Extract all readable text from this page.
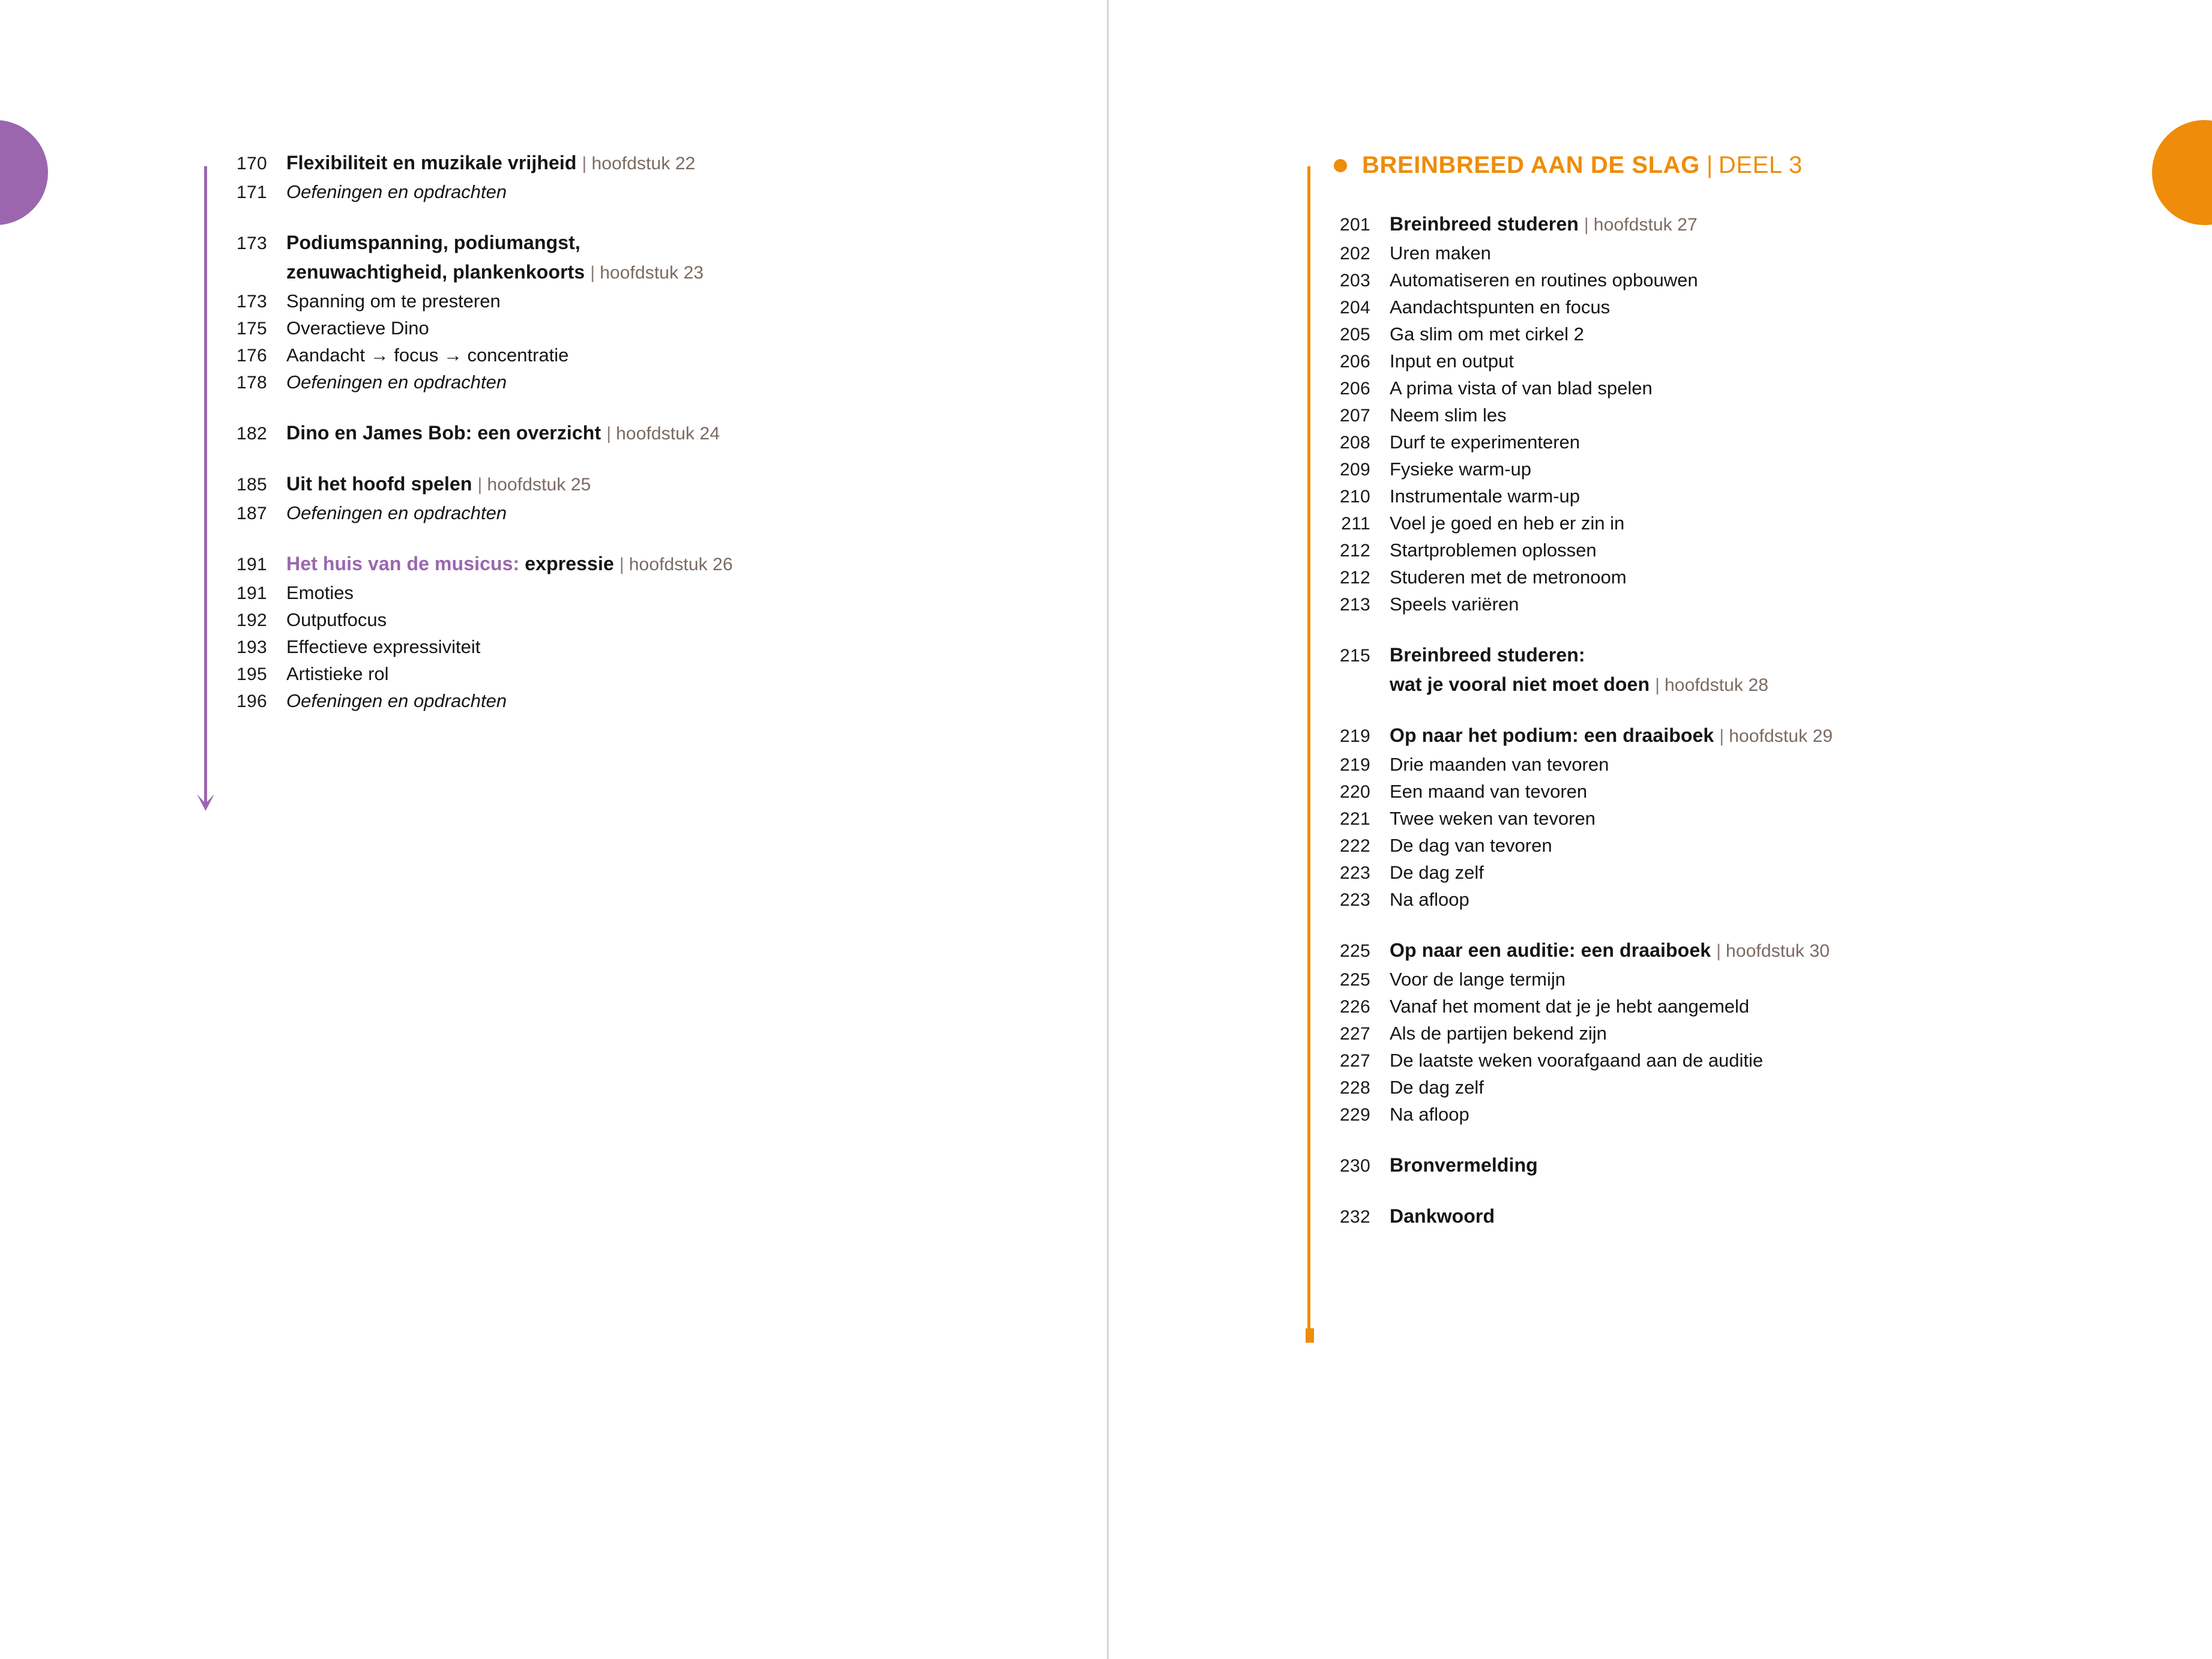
170 Flexibiliteit en muzikale vrijheid | hoofdstuk 22
171 Oefeningen en opdrachten
173 Podiumspanning, podiumangst,
zenuwachtigheid, plankenkoorts | hoofdstuk 23
173 Spanning om te presteren
175 Overactieve Dino
176 Aandacht → focus → concentratie
178 Oefeningen en opdrachten
182 Dino en James Bob: een overzicht | hoofdstuk 24
185 Uit het hoofd spelen | hoofdstuk 25
187 Oefeningen en opdrachten
191 Het huis van de musicus: expressie | hoofdstuk 26
191 Emoties
192 Outputfocus
193 Effectieve expressiviteit
195 Artistieke rol
196 Oefeningen en opdrachten
BREINBREED AAN DE SLAG | DEEL 3
201 Breinbreed studeren | hoofdstuk 27
202 Uren maken
203 Automatiseren en routines opbouwen
204 Aandachtspunten en focus
205 Ga slim om met cirkel 2
206 Input en output
206 A prima vista of van blad spelen
207 Neem slim les
208 Durf te experimenteren
209 Fysieke warm-up
210 Instrumentale warm-up
211 Voel je goed en heb er zin in
212 Startproblemen oplossen
212 Studeren met de metronoom
213 Speels variëren
215 Breinbreed studeren:
wat je vooral niet moet doen | hoofdstuk 28
219 Op naar het podium: een draaiboek | hoofdstuk 29
219 Drie maanden van tevoren
220 Een maand van tevoren
221 Twee weken van tevoren
222 De dag van tevoren
223 De dag zelf
223 Na afloop
225 Op naar een auditie: een draaiboek | hoofdstuk 30
225 Voor de lange termijn
226 Vanaf het moment dat je je hebt aangemeld
227 Als de partijen bekend zijn
227 De laatste weken voorafgaand aan de auditie
228 De dag zelf
229 Na afloop
230 Bronvermelding
232 Dankwoord
